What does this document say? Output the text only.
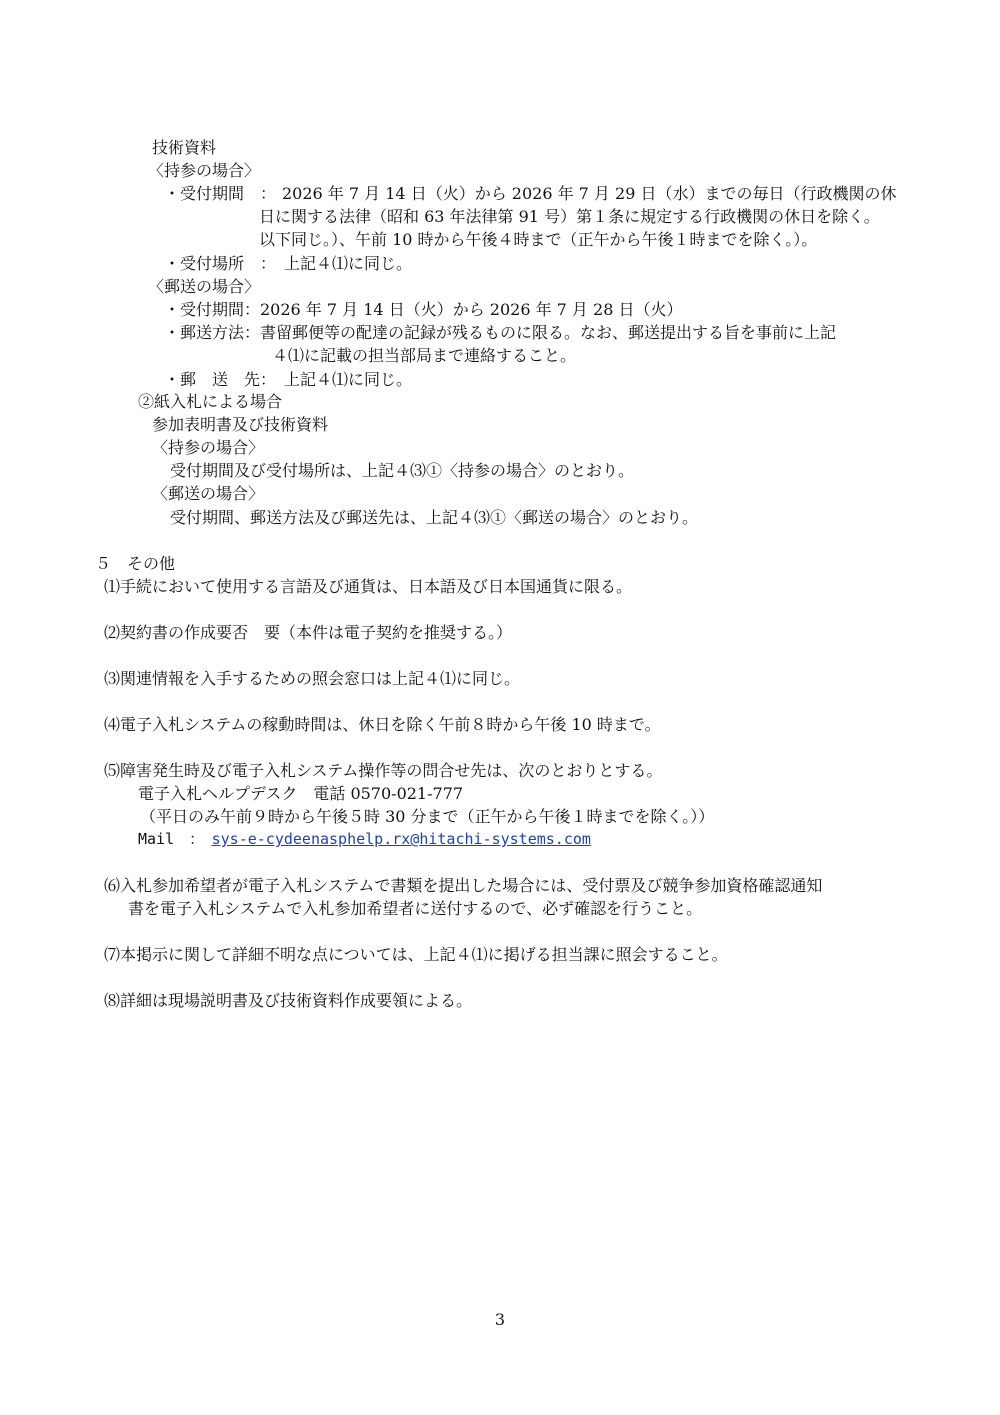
技術資料
〈持参の場合〉
・受付期間　： 2026 年 7 月 14 日（火）から 2026 年 7 月 29 日（水）までの毎日（行政機関の休
日に関する法律（昭和 63 年法律第 91 号）第１条に規定する行政機関の休日を除く。
以下同じ。）、午前 10 時から午後４時まで（正午から午後１時までを除く。）。
・受付場所　：　上記４⑴に同じ。
〈郵送の場合〉
・受付期間：2026 年 7 月 14 日（火）から 2026 年 7 月 28 日（火）
・郵送方法：書留郵便等の配達の記録が残るものに限る。なお、郵送提出する旨を事前に上記
４⑴に記載の担当部局まで連絡すること。
・郵　送　先：　上記４⑴に同じ。
②紙入札による場合
参加表明書及び技術資料
〈持参の場合〉
受付期間及び受付場所は、上記４⑶①〈持参の場合〉のとおり。
〈郵送の場合〉
受付期間、郵送方法及び郵送先は、上記４⑶①〈郵送の場合〉のとおり。
５　その他
⑴手続において使用する言語及び通貨は、日本語及び日本国通貨に限る。
⑵契約書の作成要否　要（本件は電子契約を推奨する。）
⑶関連情報を入手するための照会窓口は上記４⑴に同じ。
⑷電子入札システムの稼動時間は、休日を除く午前８時から午後 10 時まで。
⑸障害発生時及び電子入札システム操作等の問合せ先は、次のとおりとする。
電子入札ヘルプデスク　電話 0570-021-777
（平日のみ午前９時から午後５時 30 分まで（正午から午後１時までを除く。））
Mail　：　sys-e-cydeenasphelp.rx@hitachi-systems.com
⑹入札参加希望者が電子入札システムで書類を提出した場合には、受付票及び競争参加資格確認通知
書を電子入札システムで入札参加希望者に送付するので、必ず確認を行うこと。
⑺本掲示に関して詳細不明な点については、上記４⑴に掲げる担当課に照会すること。
⑻詳細は現場説明書及び技術資料作成要領による。
3
